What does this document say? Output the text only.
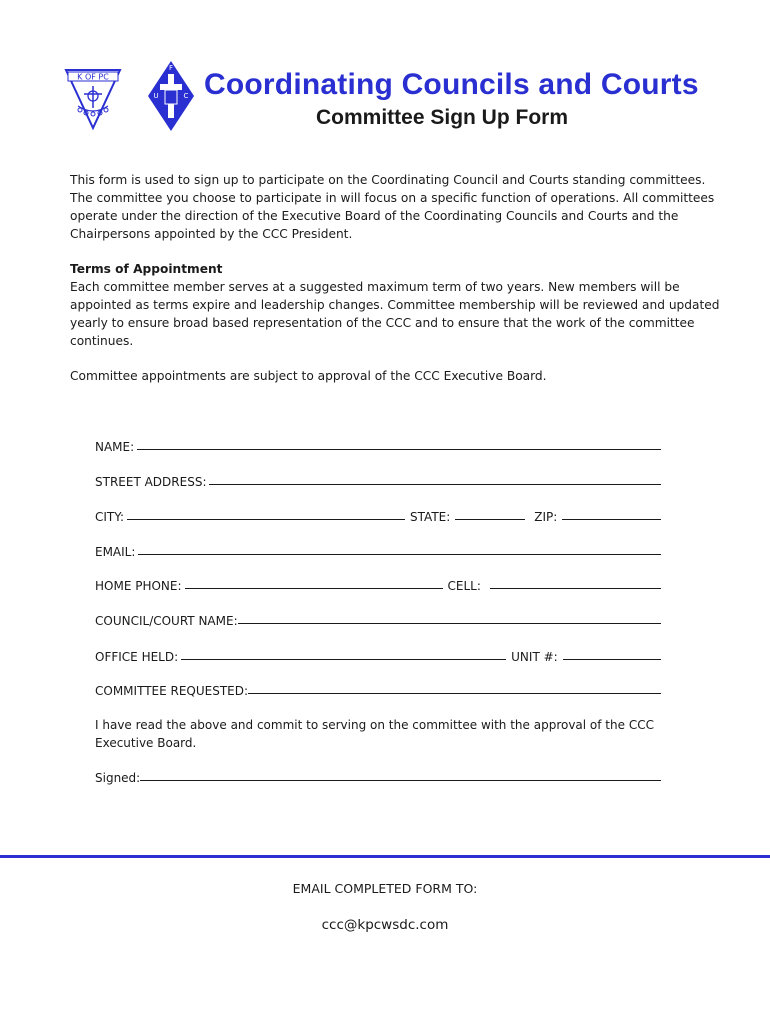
K OF PC
F
U	C Coordinating Councils and Courts
Committee Sign Up Form
This form is used to sign up to participate on the Coordinating Council and Courts standing committees. The committee you choose to participate in will focus on a specific function of operations. All committees operate under the direction of the Executive Board of the Coordinating Councils and Courts and the Chairpersons appointed by the CCC President.
Terms of Appointment
Each committee member serves at a suggested maximum term of two years. New members will be appointed as terms expire and leadership changes. Committee membership will be reviewed and updated yearly to ensure broad based representation of the CCC and to ensure that the work of the committee continues.
Committee appointments are subject to approval of the CCC Executive Board.
NAME:
STREET ADDRESS:
CITY:	STATE:	ZIP:
EMAIL:
HOME PHONE:	CELL:
COUNCIL/COURT NAME:
OFFICE HELD:	UNIT #:
COMMITTEE REQUESTED:
I have read the above and commit to serving on the committee with the approval of the CCC Executive Board.
Signed:
EMAIL COMPLETED FORM TO:
ccc@kpcwsdc.com
